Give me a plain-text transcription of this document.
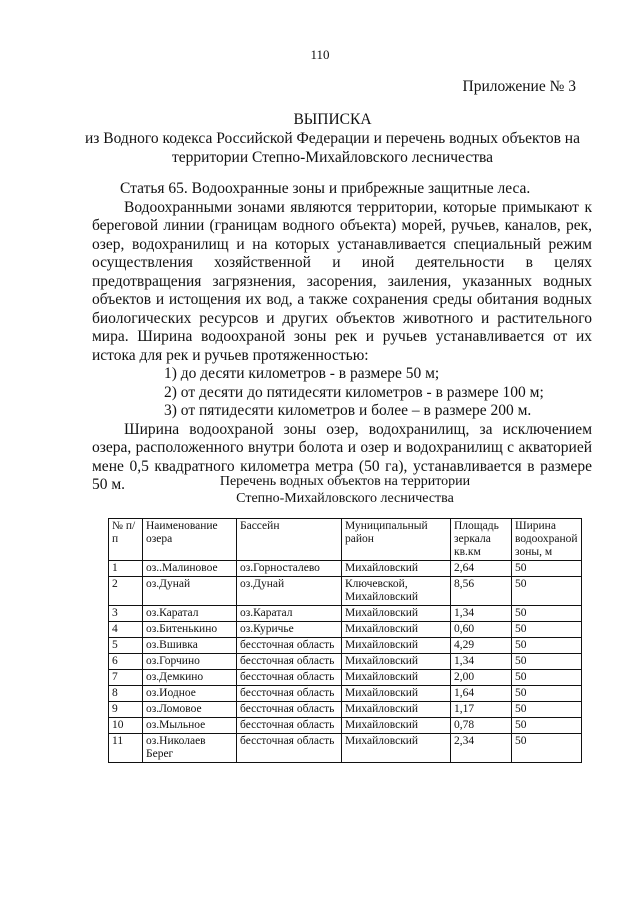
110
Приложение № 3
ВЫПИСКА
из Водного кодекса Российской Федерации и перечень водных объектов на
территории Степно-Михайловского лесничества
Статья 65. Водоохранные зоны и прибрежные защитные леса.

Водоохранными зонами являются территории, которые примыкают к береговой линии (границам водного объекта) морей, ручьев, каналов, рек, озер, водохранилищ и на которых устанавливается специальный режим осуществления хозяйственной и иной деятельности в целях предотвращения загрязнения, засорения, заиления, указанных водных объектов и истощения их вод, а также сохранения среды обитания водных биологических ресурсов и других объектов животного и растительного мира. Ширина водоохраной зоны рек и ручьев устанавливается от их истока для рек и ручьев протяженностью:

1) до десяти километров - в размере 50 м;

2) от десяти до пятидесяти километров - в размере 100 м;

3) от пятидесяти километров и более – в размере 200 м.

Ширина водоохраной зоны озер, водохранилищ, за исключением озера, расположенного внутри болота и озер и водохранилищ с акваторией мене 0,5 квадратного километра метра (50 га), устанавливается в размере 50 м.	Перечень водных объектов на территории
Степно-Михайловского лесничества
№ п/п	Наименование озера	Бассейн	Муниципальный район	Площадь зеркала кв.км	Ширина водоохраной зоны, м
1	оз..Малиновое	оз.Горносталево	Михайловский	2,64	50
2	оз.Дунай	оз.Дунай	Ключевской, Михайловский	8,56	50
3	оз.Каратал	оз.Каратал	Михайловский	1,34	50
4	оз.Битенькино	оз.Куричье	Михайловский	0,60	50
5	оз.Вшивка	бессточная область	Михайловский	4,29	50
6	оз.Горчино	бессточная область	Михайловский	1,34	50
7	оз.Демкино	бессточная область	Михайловский	2,00	50
8	оз.Иодное	бессточная область	Михайловский	1,64	50
9	оз.Ломовое	бессточная область	Михайловский	1,17	50
10	оз.Мыльное	бессточная область	Михайловский	0,78	50
11	оз.Николаев Берег	бессточная область	Михайловский	2,34	50
